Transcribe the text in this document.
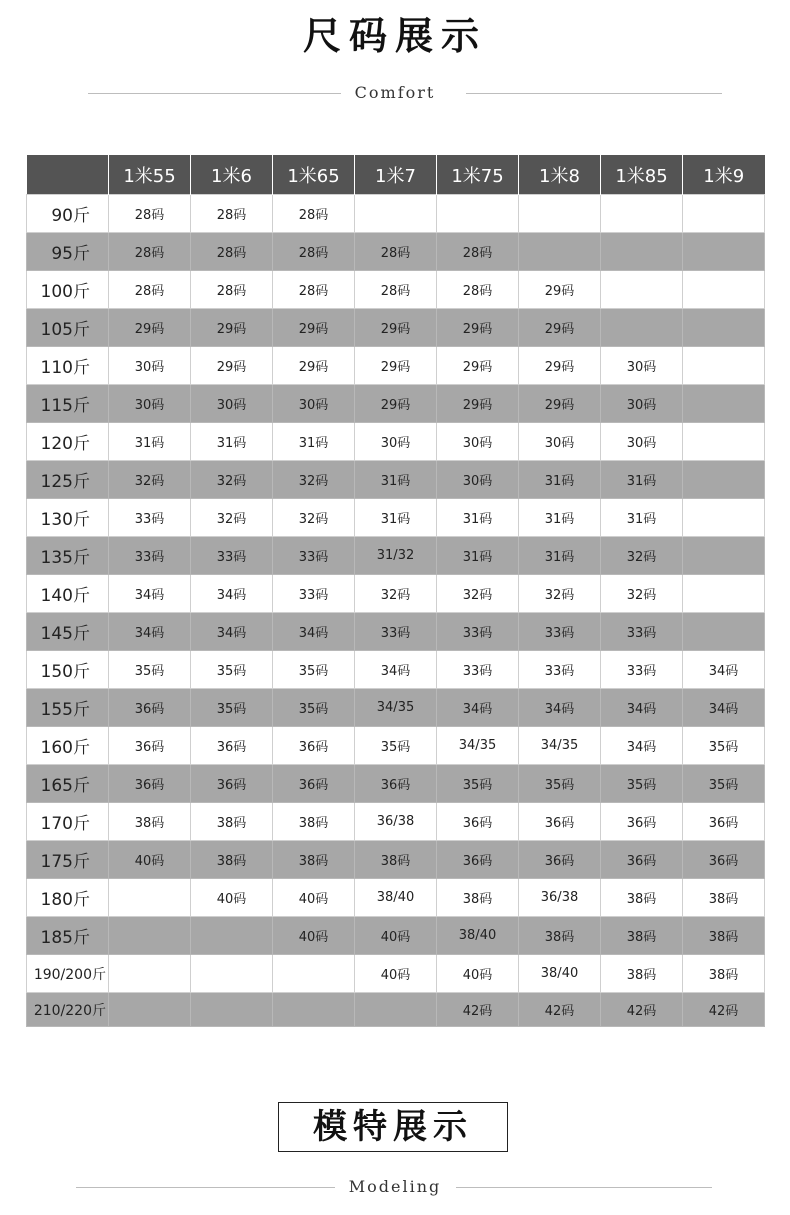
尺码展示
Comfort
	1米55	1米6	1米65	1米7	1米75	1米8	1米85	1米9
90斤	28码	28码	28码					
95斤	28码	28码	28码	28码	28码			
100斤	28码	28码	28码	28码	28码	29码		
105斤	29码	29码	29码	29码	29码	29码		
110斤	30码	29码	29码	29码	29码	29码	30码	
115斤	30码	30码	30码	29码	29码	29码	30码	
120斤	31码	31码	31码	30码	30码	30码	30码	
125斤	32码	32码	32码	31码	30码	31码	31码	
130斤	33码	32码	32码	31码	31码	31码	31码	
135斤	33码	33码	33码	31/32	31码	31码	32码	
140斤	34码	34码	33码	32码	32码	32码	32码	
145斤	34码	34码	34码	33码	33码	33码	33码	
150斤	35码	35码	35码	34码	33码	33码	33码	34码
155斤	36码	35码	35码	34/35	34码	34码	34码	34码
160斤	36码	36码	36码	35码	34/35	34/35	34码	35码
165斤	36码	36码	36码	36码	35码	35码	35码	35码
170斤	38码	38码	38码	36/38	36码	36码	36码	36码
175斤	40码	38码	38码	38码	36码	36码	36码	36码
180斤		40码	40码	38/40	38码	36/38	38码	38码
185斤			40码	40码	38/40	38码	38码	38码
190/200斤				40码	40码	38/40	38码	38码
210/220斤					42码	42码	42码	42码
模特展示
Modeling
